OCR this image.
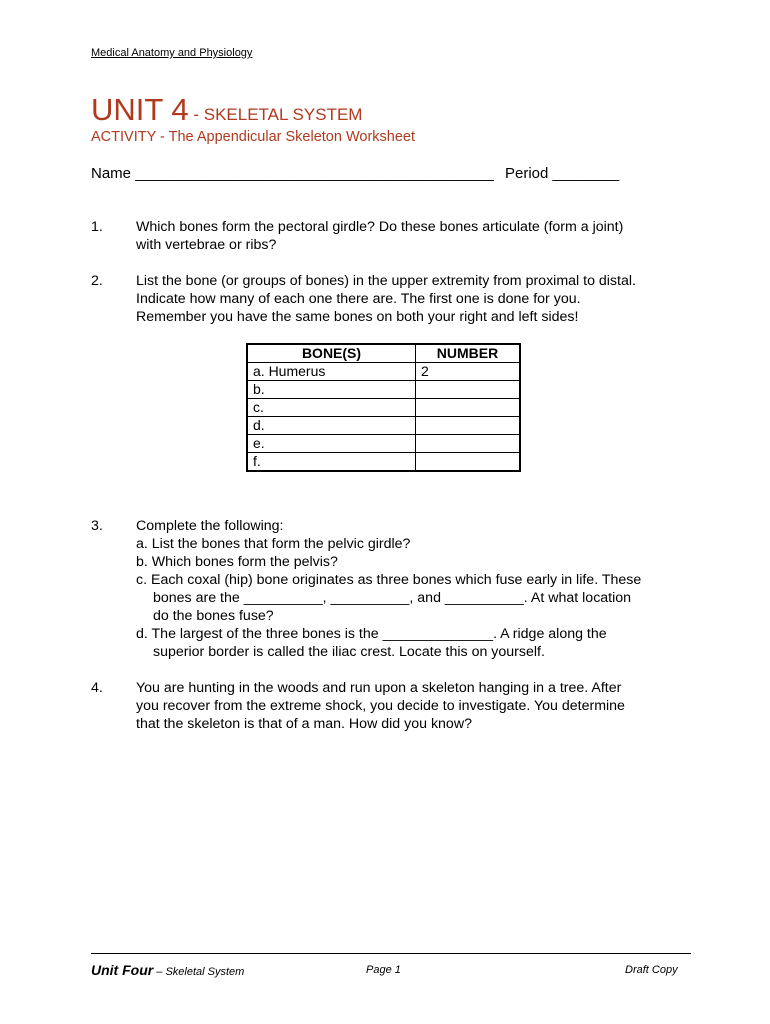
Medical Anatomy and Physiology
UNIT 4 - SKELETAL SYSTEM
ACTIVITY - The Appendicular Skeleton Worksheet
Name ___________________________________________ Period ________
1. Which bones form the pectoral girdle? Do these bones articulate (form a joint)
with vertebrae or ribs?
2. List the bone (or groups of bones) in the upper extremity from proximal to distal.
Indicate how many of each one there are. The first one is done for you.
Remember you have the same bones on both your right and left sides!
BONE(S)	NUMBER
a. Humerus	2
b.	
c.	
d.	
e.	
f.	
3. Complete the following:
a. List the bones that form the pelvic girdle?
b. Which bones form the pelvis?
c. Each coxal (hip) bone originates as three bones which fuse early in life. These
bones are the __________, __________, and __________. At what location
do the bones fuse?
d. The largest of the three bones is the ______________. A ridge along the
superior border is called the iliac crest. Locate this on yourself.
4. You are hunting in the woods and run upon a skeleton hanging in a tree. After
you recover from the extreme shock, you decide to investigate. You determine
that the skeleton is that of a man. How did you know?
Unit Four – Skeletal System	Page 1	Draft Copy
